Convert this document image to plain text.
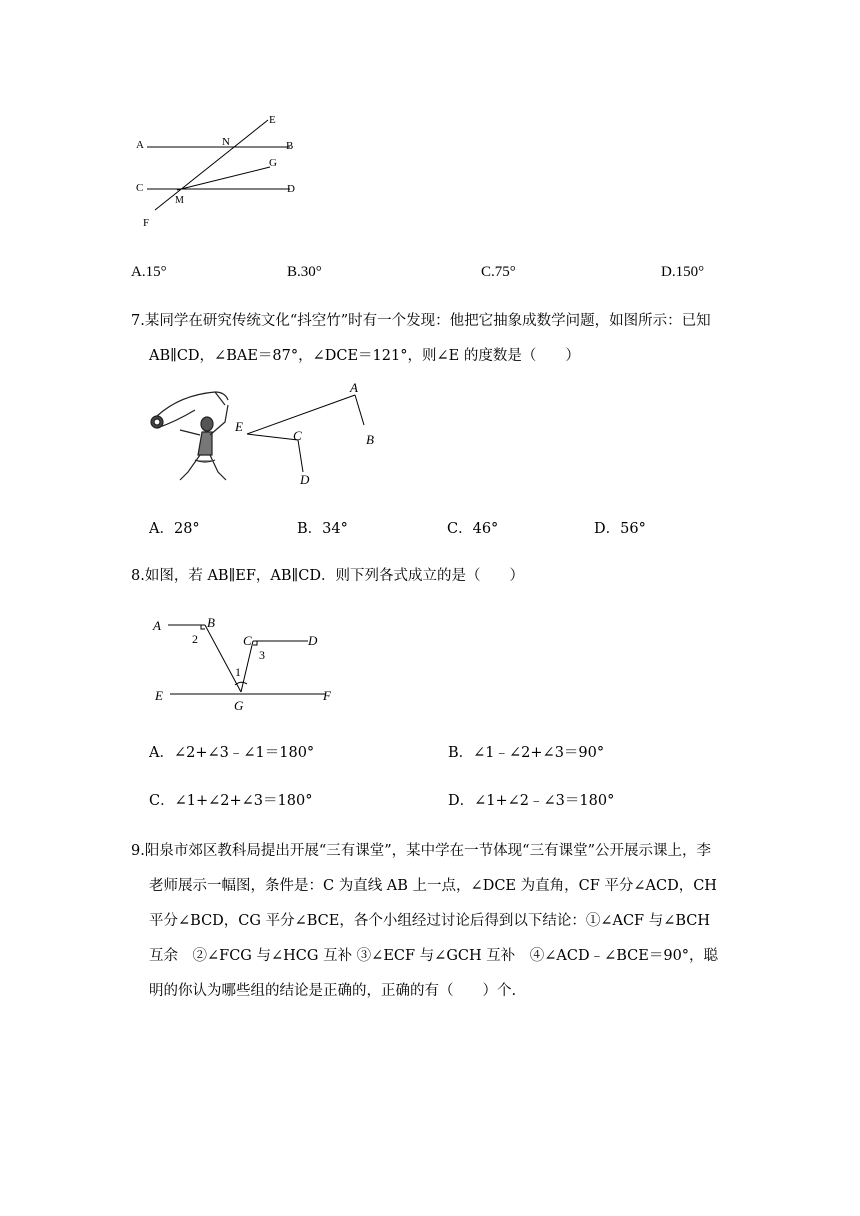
E
A	N	B
G
C
M
D
F
A.15°	B.30°	C.75°	D.150°
7.某同学在研究传统文化“抖空竹”时有一个发现：他把它抽象成数学问题，如图所示：已知
AB∥CD，∠BAE＝87°，∠DCE＝121°，则∠E 的度数是（　　）
A
B
E
C
D
A．28°	B．34°	C．46°	D．56°
8.如图，若 AB∥EF，AB∥CD．则下列各式成立的是（　　）
A	B
2	C
3
D
1
E
G
F
A．∠2+∠3﹣∠1＝180°	B．∠1﹣∠2+∠3＝90°
C．∠1+∠2+∠3＝180°	D．∠1+∠2﹣∠3＝180°
9.阳泉市郊区教科局提出开展“三有课堂”，某中学在一节体现“三有课堂”公开展示课上，李
老师展示一幅图，条件是：C 为直线 AB 上一点，∠DCE 为直角，CF 平分∠ACD，CH
平分∠BCD，CG 平分∠BCE，各个小组经过讨论后得到以下结论：①∠ACF 与∠BCH
互余　②∠FCG 与∠HCG 互补 ③∠ECF 与∠GCH 互补　④∠ACD﹣∠BCE＝90°，聪
明的你认为哪些组的结论是正确的，正确的有（　　）个.
